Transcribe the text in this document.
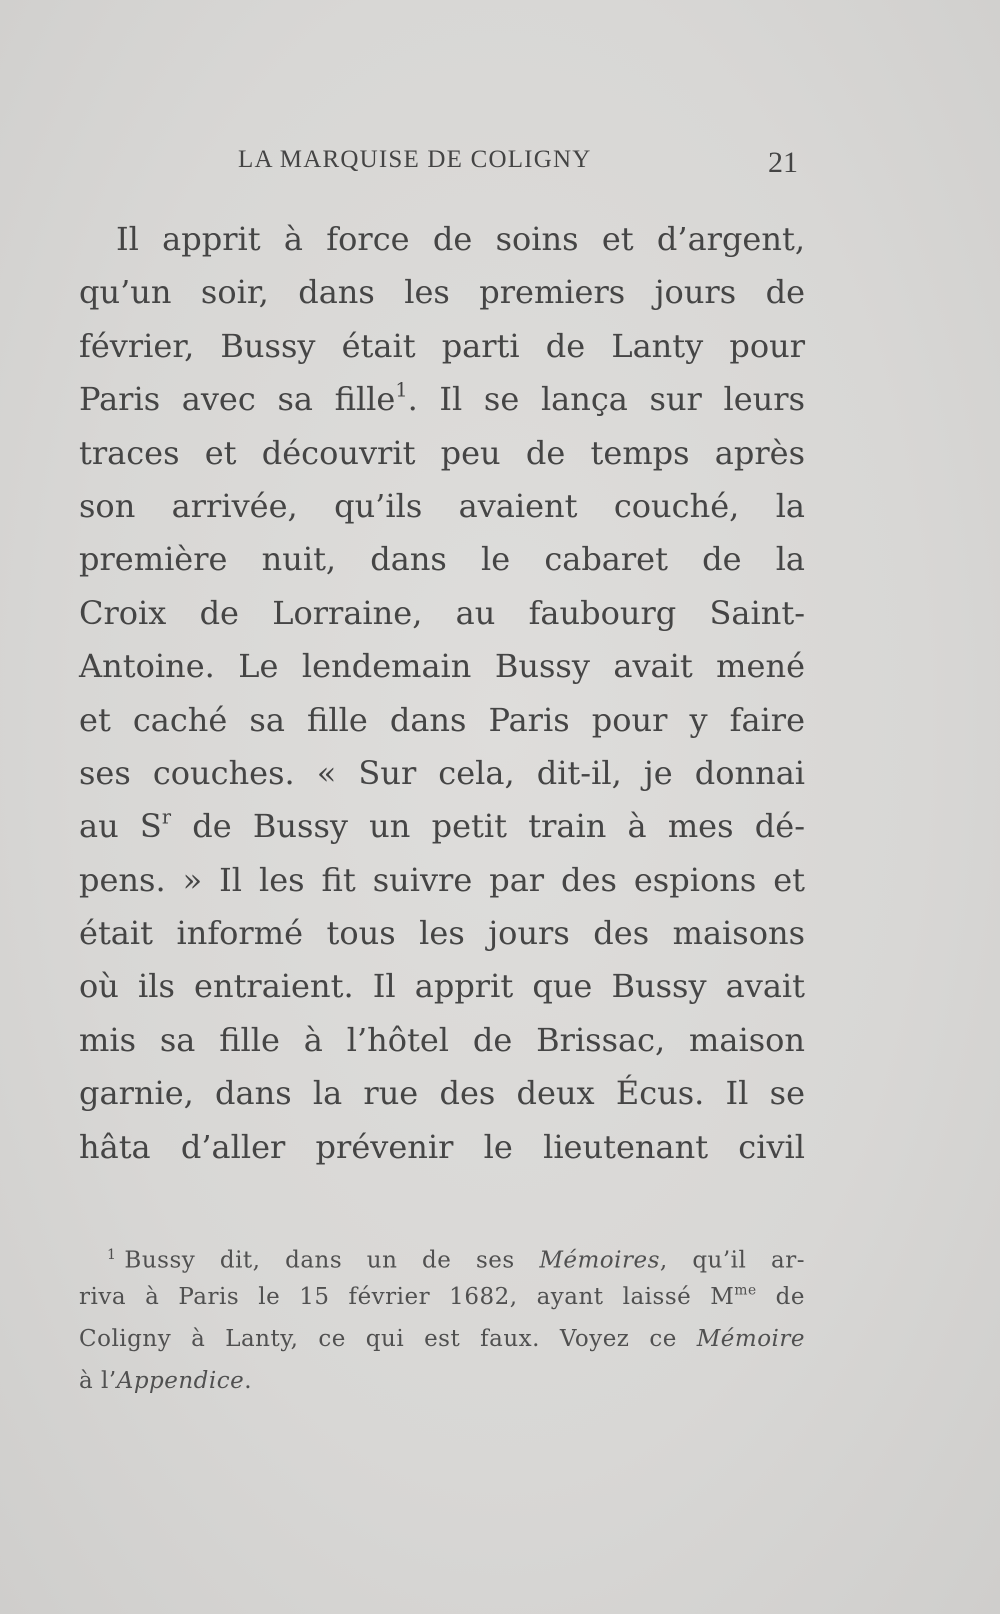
LA MARQUISE DE COLIGNY	21
Il apprit à force de soins et d’argent,
qu’un soir, dans les premiers jours de
février, Bussy était parti de Lanty pour
Paris avec sa fille$^1$. Il se lança sur leurs
traces et découvrit peu de temps après
son arrivée, qu’ils avaient couché, la
première nuit, dans le cabaret de la
Croix de Lorraine, au faubourg Saint-
Antoine. Le lendemain Bussy avait mené
et caché sa fille dans Paris pour y faire
ses couches. « Sur cela, dit-il, je donnai
au $S^r$ de Bussy un petit train à mes dé-
pens. » Il les fit suivre par des espions et
était informé tous les jours des maisons
où ils entraient. Il apprit que Bussy avait
mis sa fille à l’hôtel de Brissac, maison
garnie, dans la rue des deux Écus. Il se
hâta d’aller prévenir le lieutenant civil
$^1$ Bussy dit, dans un de ses Mémoires, qu’il ar-
riva à Paris le 15 février 1682, ayant laissé $M^{me}$ de
Coligny à Lanty, ce qui est faux. Voyez ce Mémoire
à l’Appendice.
